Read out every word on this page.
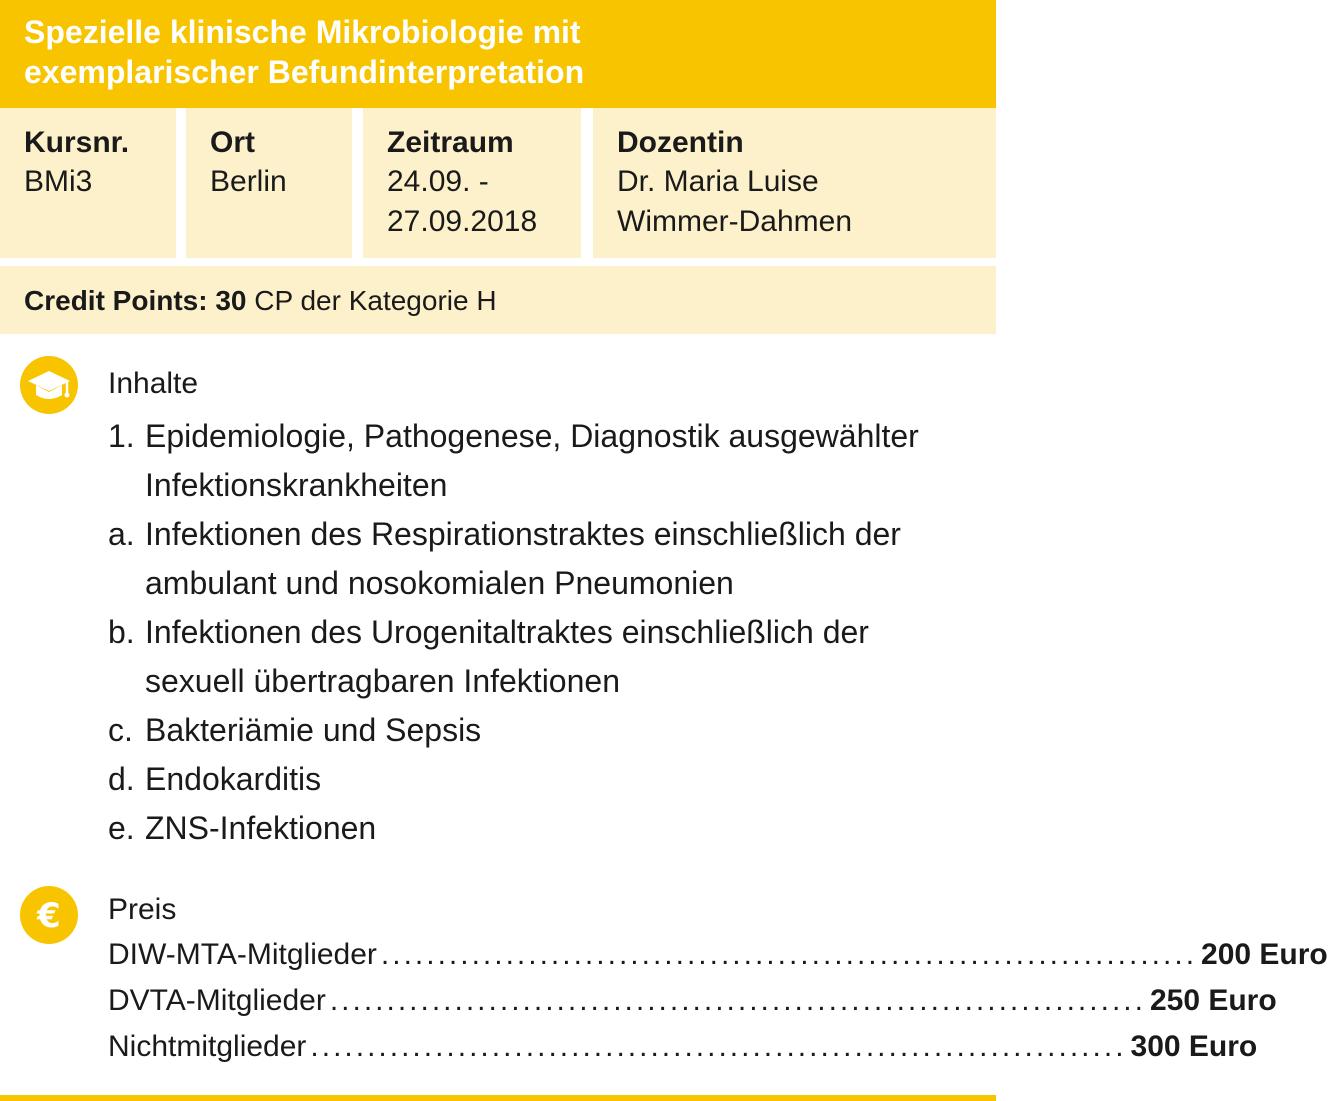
Spezielle klinische Mikrobiologie mit
exemplarischer Befundinterpretation
Kursnr.
BMi3
Ort
Berlin
Zeitraum
24.09. -
27.09.2018
Dozentin
Dr. Maria Luise
Wimmer-Dahmen
Credit Points: 30 CP der Kategorie H
Inhalte
1. Epidemiologie, Pathogenese, Diagnostik ausgewählter Infektionskrankheiten
a. Infektionen des Respirationstraktes einschließlich der ambulant und nosokomialen Pneumonien
b. Infektionen des Urogenitaltraktes einschließlich der sexuell übertragbaren Infektionen
c. Bakteriämie und Sepsis
d. Endokarditis
e. ZNS-Infektionen
€ Preis
DIW-MTA-Mitglieder ........................................................................ 200 Euro
DVTA-Mitglieder ........................................................................ 250 Euro
Nichtmitglieder ........................................................................ 300 Euro
